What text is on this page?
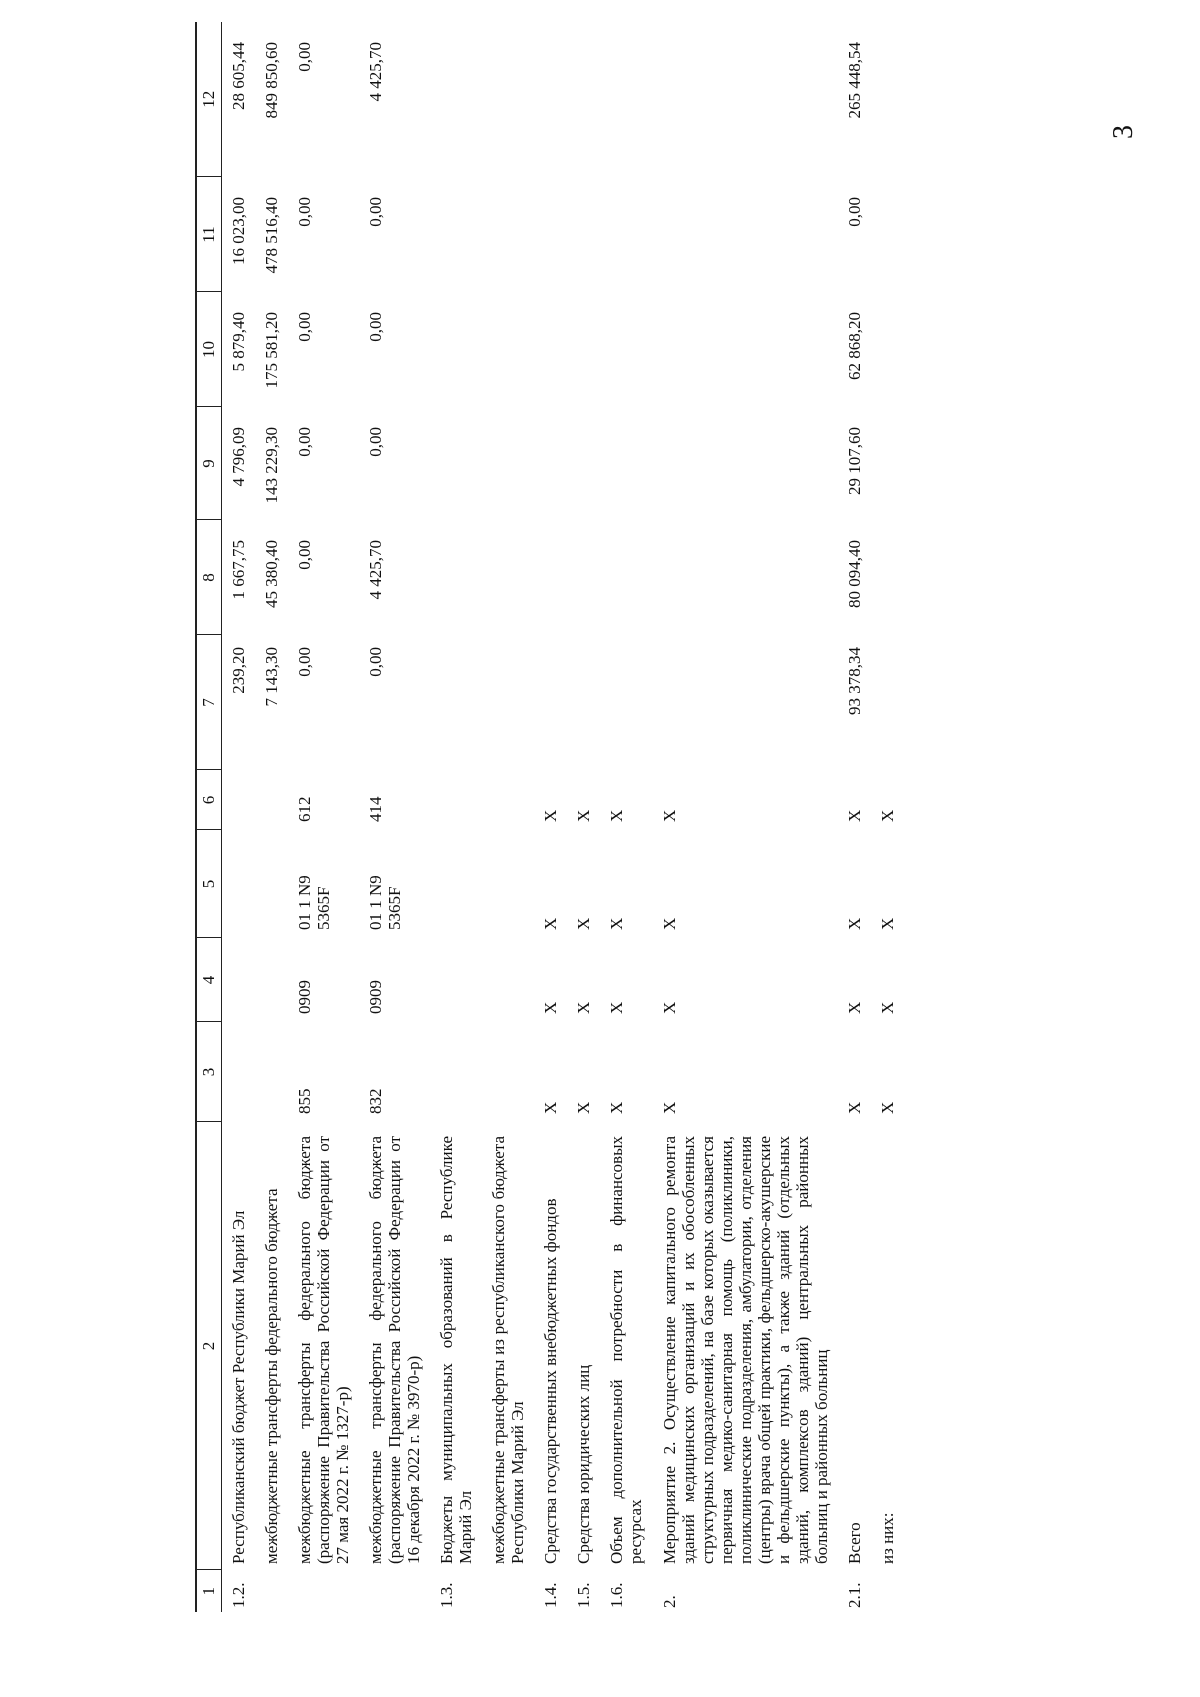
3
1	2	3	4	5	6	7	8	9	10	11	12
1.2.	Республиканский бюджет Республики Марий Эл					239,20	1 667,75	4 796,09	5 879,40	16 023,00	28 605,44
	межбюджетные трансферты федерального бюджета					7 143,30	45 380,40	143 229,30	175 581,20	478 516,40	849 850,60
	межбюджетные трансферты федерального бюджета (распоряжение Правительства Российской Федерации от 27 мая 2022 г. № 1327-р)	855	0909	01 1 N9 5365F	612	0,00	0,00	0,00	0,00	0,00	0,00
	межбюджетные трансферты федерального бюджета (распоряжение Правительства Российской Федерации от 16 декабря 2022 г. № 3970-р)	832	0909	01 1 N9 5365F	414	0,00	4 425,70	0,00	0,00	0,00	4 425,70
1.3.	Бюджеты муниципальных образований в Республике Марий Эл										
	межбюджетные трансферты из республиканского бюджета Республики Марий Эл										
1.4.	Средства государственных внебюджетных фондов	X	X	X	X						
1.5.	Средства юридических лиц	X	X	X	X						
1.6.	Объем дополнительной потребности в финансовых ресурсах	X	X	X	X						
2.	Мероприятие 2. Осуществление капитального ремонта зданий медицинских организаций и их обособленных структурных подразделений, на базе которых оказывается первичная медико-санитарная помощь (поликлиники, поликлинические подразделения, амбулатории, отделения (центры) врача общей практики, фельдшерско-акушерские и фельдшерские пункты), а также зданий (отдельных зданий, комплексов зданий) центральных районных больниц и районных больниц	X	X	X	X						
2.1.	Всего	X	X	X	X	93 378,34	80 094,40	29 107,60	62 868,20	0,00	265 448,54
	из них:	X	X	X	X						
